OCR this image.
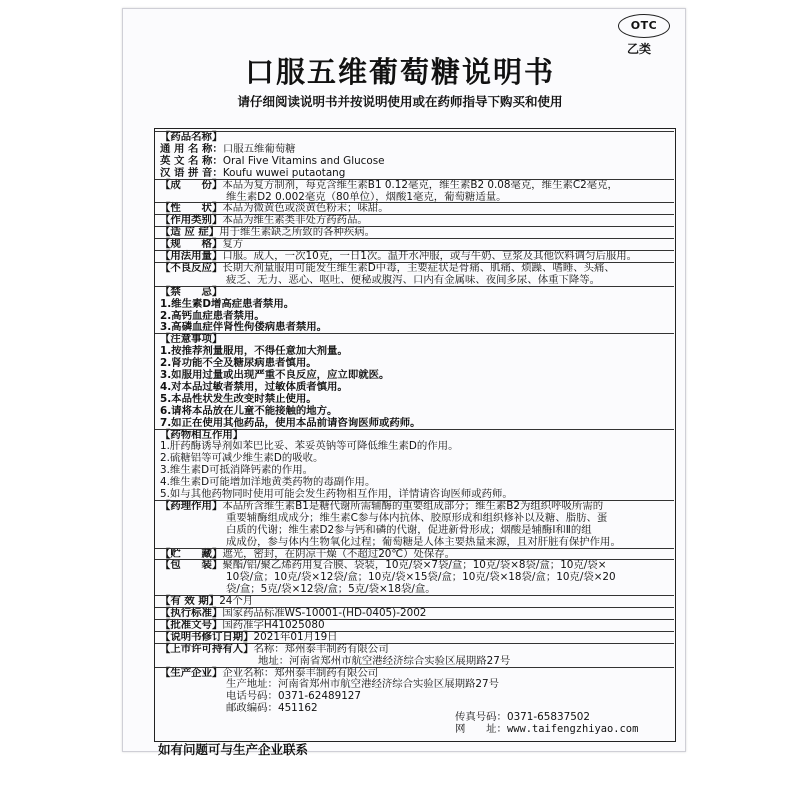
OTC
乙类
口服五维葡萄糖说明书
请仔细阅读说明书并按说明使用或在药师指导下购买和使用
【药品名称】
通 用 名 称：口服五维葡萄糖
英 文 名 称：Oral Five Vitamins and Glucose
汉 语 拼 音：Koufu wuwei putaotang
【成　　份】本品为复方制剂，每克含维生素B1 0.12毫克，维生素B2 0.08毫克，维生素C2毫克，
维生素D2 0.002毫克（80单位），烟酸1毫克，葡萄糖适量。
【性　　状】本品为微黄色或淡黄色粉末；味甜。
【作用类别】本品为维生素类非处方药药品。
【适 应 症】用于维生素缺乏所致的各种疾病。
【规　　格】复方
【用法用量】口服。成人，一次10克，一日1次。温开水冲服，或与牛奶、豆浆及其他饮料调匀后服用。
【不良反应】长期大剂量服用可能发生维生素D中毒，主要症状是骨痛、肌痛、烦躁、嗜睡、头痛、
疲乏、无力、恶心、呕吐、便秘或腹泻、口内有金属味、夜间多尿、体重下降等。
【禁　　忌】
1.维生素D增高症患者禁用。
2.高钙血症患者禁用。
3.高磷血症伴肾性佝偻病患者禁用。
【注意事项】
1.按推荐剂量服用，不得任意加大剂量。
2.肾功能不全及糖尿病患者慎用。
3.如服用过量或出现严重不良反应，应立即就医。
4.对本品过敏者禁用，过敏体质者慎用。
5.本品性状发生改变时禁止使用。
6.请将本品放在儿童不能接触的地方。
7.如正在使用其他药品，使用本品前请咨询医师或药师。
【药物相互作用】
1.肝药酶诱导剂如苯巴比妥、苯妥英钠等可降低维生素D的作用。
2.硫糖铝等可减少维生素D的吸收。
3.维生素D可抵消降钙素的作用。
4.维生素D可能增加洋地黄类药物的毒副作用。
5.如与其他药物同时使用可能会发生药物相互作用，详情请咨询医师或药师。
【药理作用】本品所含维生素B1是糖代谢所需辅酶的重要组成部分；维生素B2为组织呼吸所需的
重要辅酶组成成分；维生素C参与体内抗体、胶原形成和组织修补以及糖、脂肪、蛋
白质的代谢；维生素D2参与钙和磷的代谢，促进新骨形成；烟酸是辅酶Ⅰ和Ⅱ的组
成成份，参与体内生物氧化过程；葡萄糖是人体主要热量来源，且对肝脏有保护作用。
【贮　　藏】遮光，密封，在阴凉干燥（不超过20℃）处保存。
【包　　装】聚酯/铝/聚乙烯药用复合膜、袋装，10克/袋×7袋/盒；10克/袋×8袋/盒；10克/袋×
10袋/盒；10克/袋×12袋/盒；10克/袋×15袋/盒；10克/袋×18袋/盒；10克/袋×20
袋/盒；5克/袋×12袋/盒；5克/袋×18袋/盒。
【有 效 期】24个月
【执行标准】国家药品标准WS-10001-(HD-0405)-2002
【批准文号】国药准字H41025080
【说明书修订日期】2021年01月19日
【上市许可持有人】名称：郑州泰丰制药有限公司
地址：河南省郑州市航空港经济综合实验区展期路27号
【生产企业】企业名称：郑州泰丰制药有限公司
生产地址：河南省郑州市航空港经济综合实验区展期路27号
电话号码：0371-62489127
邮政编码：451162
传真号码：0371-65837502
网　　址：www.taifengzhiyao.com
如有问题可与生产企业联系
